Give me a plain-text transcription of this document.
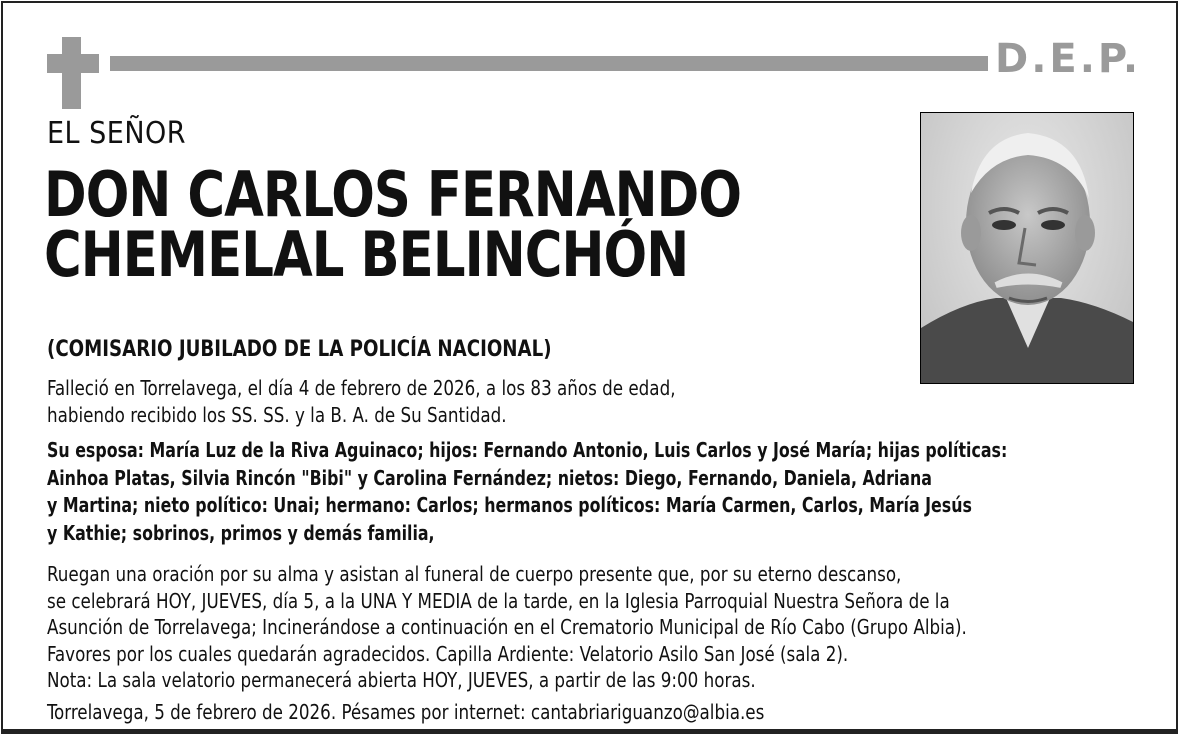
D.E.P.
EL SEÑOR
DON CARLOS FERNANDO
CHEMELAL BELINCHÓN
(COMISARIO JUBILADO DE LA POLICÍA NACIONAL)
Falleció en Torrelavega, el día 4 de febrero de 2026, a los 83 años de edad,
habiendo recibido los SS. SS. y la B. A. de Su Santidad.
Su esposa: María Luz de la Riva Aguinaco; hijos: Fernando Antonio, Luis Carlos y José María; hijas políticas:
Ainhoa Platas, Silvia Rincón "Bibi" y Carolina Fernández; nietos: Diego, Fernando, Daniela, Adriana
y Martina; nieto político: Unai; hermano: Carlos; hermanos políticos: María Carmen, Carlos, María Jesús
y Kathie; sobrinos, primos y demás familia,
Ruegan una oración por su alma y asistan al funeral de cuerpo presente que, por su eterno descanso,
se celebrará HOY, JUEVES, día 5, a la UNA Y MEDIA de la tarde, en la Iglesia Parroquial Nuestra Señora de la
Asunción de Torrelavega; Incinerándose a continuación en el Crematorio Municipal de Río Cabo (Grupo Albia).
Favores por los cuales quedarán agradecidos. Capilla Ardiente: Velatorio Asilo San José (sala 2).
Nota: La sala velatorio permanecerá abierta HOY, JUEVES, a partir de las 9:00 horas.
Torrelavega, 5 de febrero de 2026. Pésames por internet: cantabriariguanzo@albia.es
